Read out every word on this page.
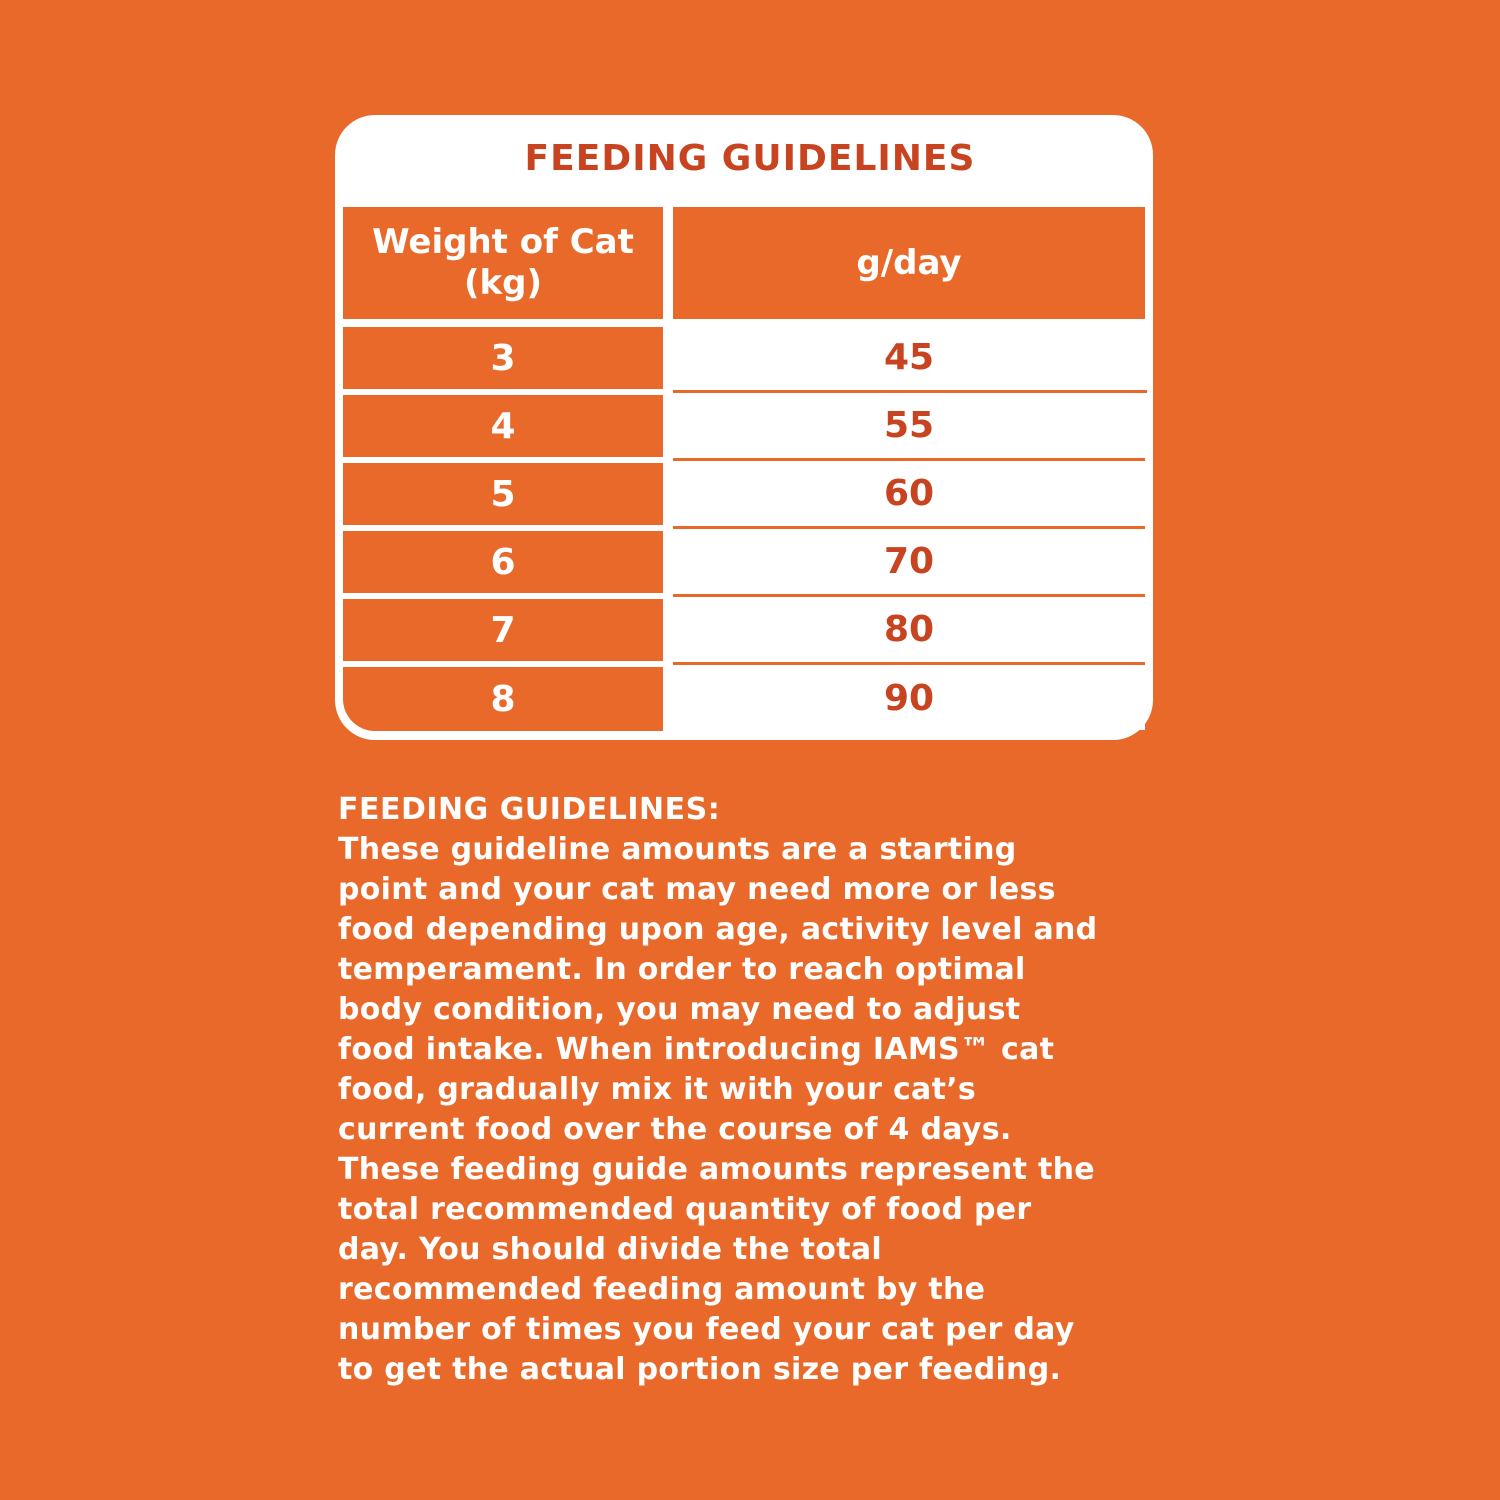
FEEDING GUIDELINES
Weight of Cat
(kg)
g/day
3
4
5
6
7
8
45
55
60
70
80
90
FEEDING GUIDELINES:
These guideline amounts are a starting
point and your cat may need more or less
food depending upon age, activity level and
temperament. In order to reach optimal
body condition, you may need to adjust
food intake. When introducing IAMS™ cat
food, gradually mix it with your cat’s
current food over the course of 4 days.
These feeding guide amounts represent the
total recommended quantity of food per
day. You should divide the total
recommended feeding amount by the
number of times you feed your cat per day
to get the actual portion size per feeding.
